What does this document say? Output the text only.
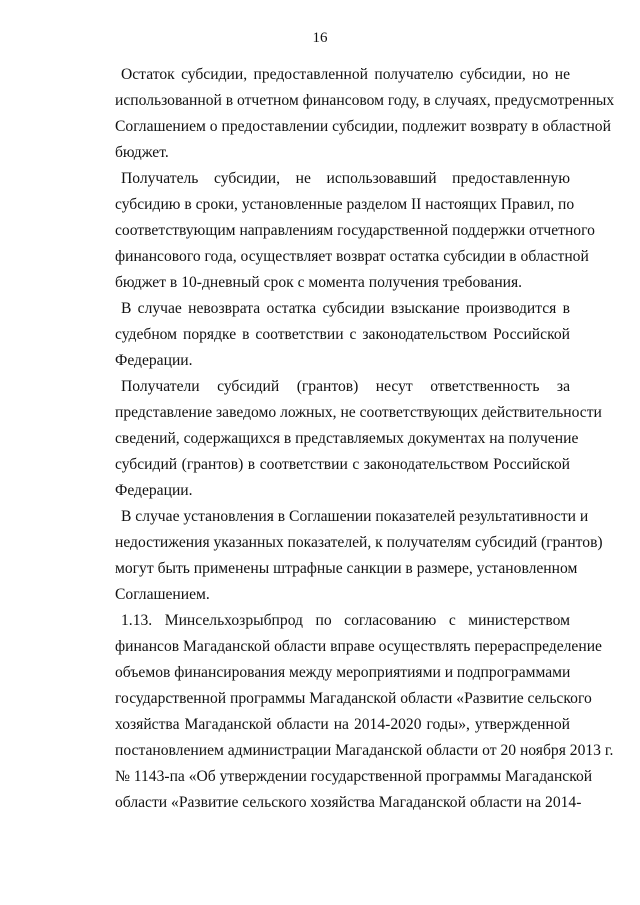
16
Остаток субсидии, предоставленной получателю субсидии, но не
использованной в отчетном финансовом году, в случаях, предусмотренных
Соглашением о предоставлении субсидии, подлежит возврату в областной
бюджет.
Получатель субсидии, не использовавший предоставленную
субсидию в сроки, установленные разделом II настоящих Правил, по
соответствующим направлениям государственной поддержки отчетного
финансового года, осуществляет возврат остатка субсидии в областной
бюджет в 10-дневный срок с момента получения требования.
В случае невозврата остатка субсидии взыскание производится в
судебном порядке в соответствии с законодательством Российской
Федерации.
Получатели субсидий (грантов) несут ответственность за
представление заведомо ложных, не соответствующих действительности
сведений, содержащихся в представляемых документах на получение
субсидий (грантов) в соответствии с законодательством Российской
Федерации.
В случае установления в Соглашении показателей результативности и
недостижения указанных показателей, к получателям субсидий (грантов)
могут быть применены штрафные санкции в размере, установленном
Соглашением.
1.13. Минсельхозрыбпрод по согласованию с министерством
финансов Магаданской области вправе осуществлять перераспределение
объемов финансирования между мероприятиями и подпрограммами
государственной программы Магаданской области «Развитие сельского
хозяйства Магаданской области на 2014-2020 годы», утвержденной
постановлением администрации Магаданской области от 20 ноября 2013 г.
№ 1143-па «Об утверждении государственной программы Магаданской
области «Развитие сельского хозяйства Магаданской области на 2014-
